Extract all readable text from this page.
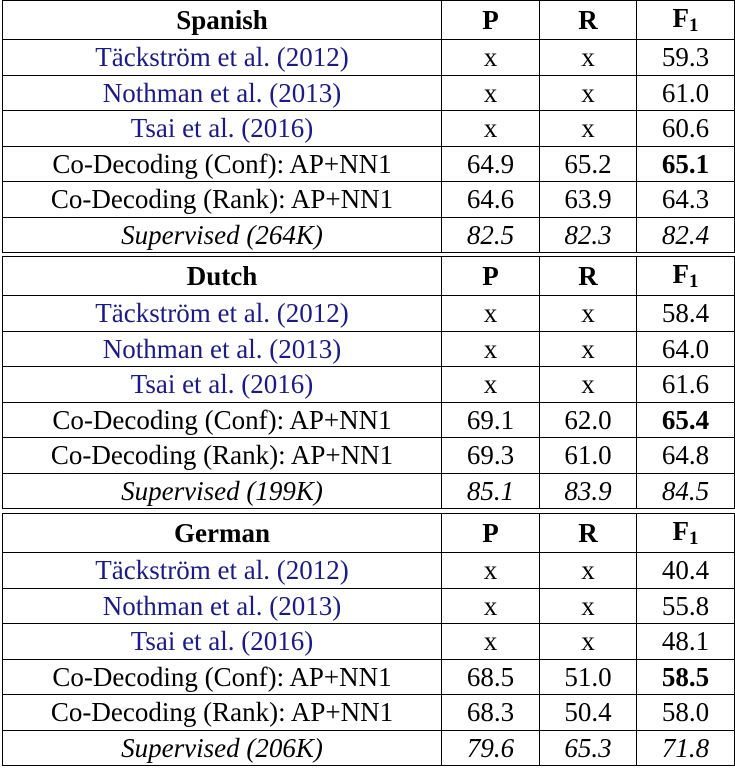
Spanish	P	R	F1
Täckström et al. (2012)	x	x	59.3
Nothman et al. (2013)	x	x	61.0
Tsai et al. (2016)	x	x	60.6
Co-Decoding (Conf): AP+NN1	64.9	65.2	65.1
Co-Decoding (Rank): AP+NN1	64.6	63.9	64.3
Supervised (264K)	82.5	82.3	82.4
Dutch	P	R	F1
Täckström et al. (2012)	x	x	58.4
Nothman et al. (2013)	x	x	64.0
Tsai et al. (2016)	x	x	61.6
Co-Decoding (Conf): AP+NN1	69.1	62.0	65.4
Co-Decoding (Rank): AP+NN1	69.3	61.0	64.8
Supervised (199K)	85.1	83.9	84.5
German	P	R	F1
Täckström et al. (2012)	x	x	40.4
Nothman et al. (2013)	x	x	55.8
Tsai et al. (2016)	x	x	48.1
Co-Decoding (Conf): AP+NN1	68.5	51.0	58.5
Co-Decoding (Rank): AP+NN1	68.3	50.4	58.0
Supervised (206K)	79.6	65.3	71.8
